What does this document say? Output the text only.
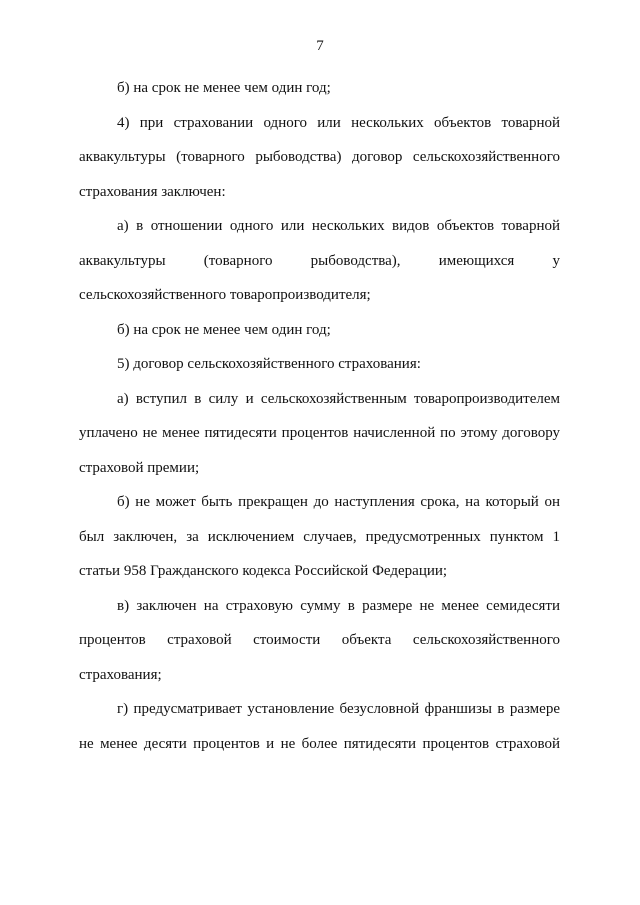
7

б) на срок не менее чем один год;

4) при страховании одного или нескольких объектов товарной аквакультуры (товарного рыбоводства) договор сельскохозяйственного страхования заключен:

а) в отношении одного или нескольких видов объектов товарной аквакультуры (товарного рыбоводства), имеющихся у сельскохозяйственного товаропроизводителя;

б) на срок не менее чем один год;

5) договор сельскохозяйственного страхования:

а) вступил в силу и сельскохозяйственным товаропроизводителем уплачено не менее пятидесяти процентов начисленной по этому договору страховой премии;

б) не может быть прекращен до наступления срока, на который он был заключен, за исключением случаев, предусмотренных пунктом 1 статьи 958 Гражданского кодекса Российской Федерации;

в) заключен на страховую сумму в размере не менее семидесяти процентов страховой стоимости объекта сельскохозяйственного страхования;

г) предусматривает установление безусловной франшизы в размере не менее десяти процентов и не более пятидесяти процентов страховой
